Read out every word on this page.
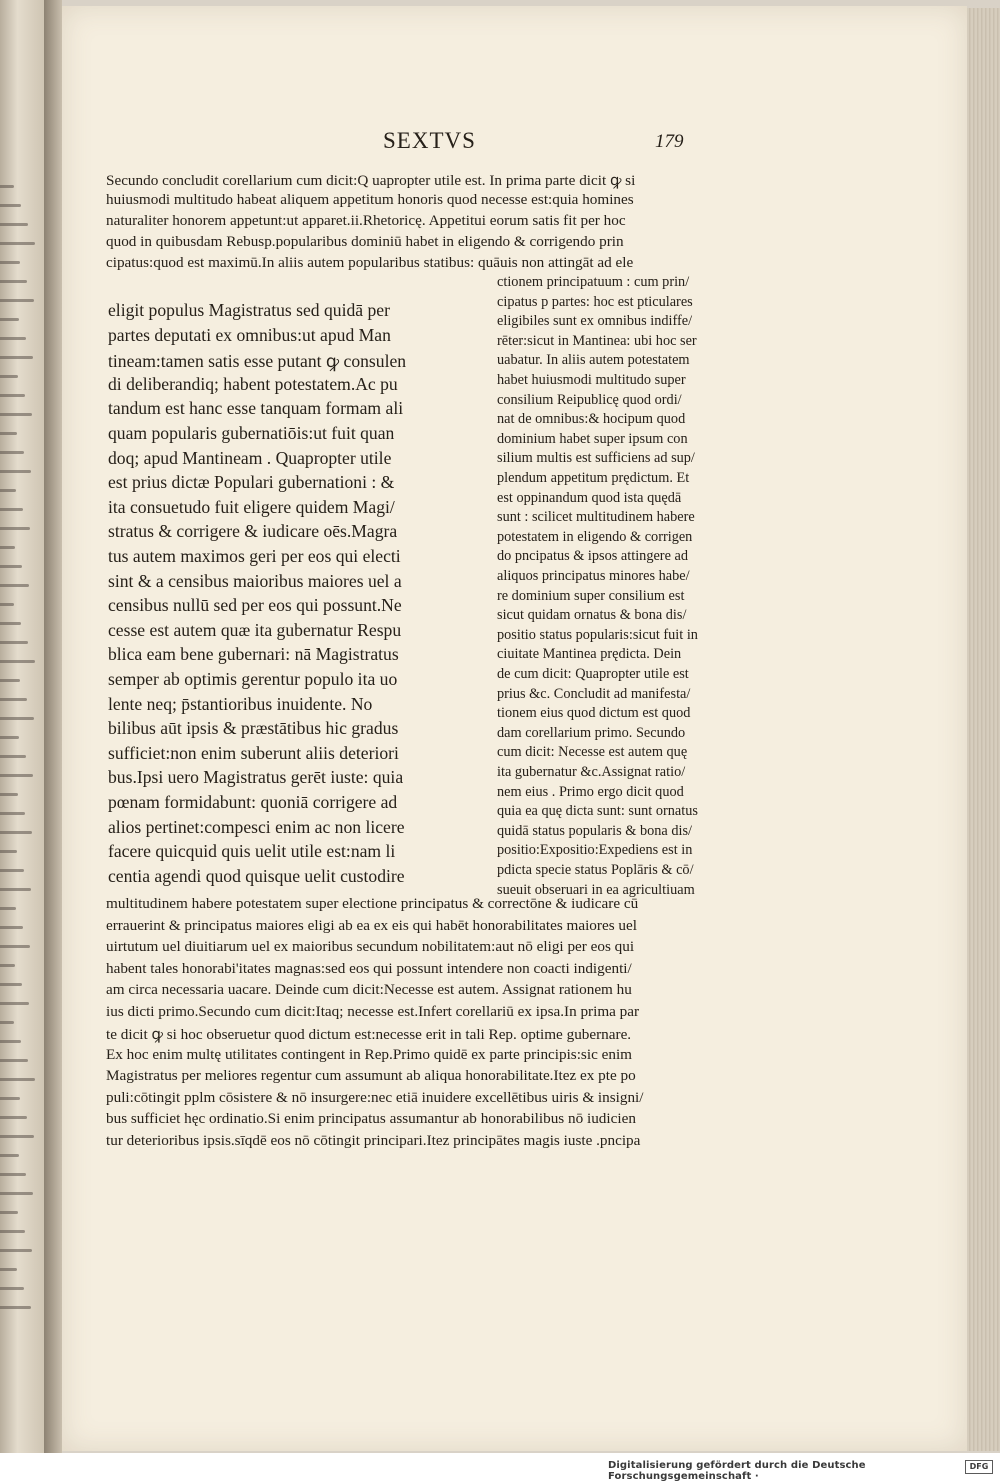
SEXTVS	179
Secundo concludit corellarium cum dicit:Q uapropter utile est. In prima parte dicit ꝙ si
huiusmodi multitudo habeat aliquem appetitum honoris quod necesse est:quia homines
naturaliter honorem appetunt:ut apparet.ii.Rhetoricę. Appetitui eorum satis fit per hoc
quod in quibusdam Rebusp.popularibus dominiū habet in eligendo & corrigendo prin
cipatus:quod est maximū.In aliis autem popularibus statibus: quāuis non attingāt ad ele
eligit populus Magistratus sed quidā per
partes deputati ex omnibus:ut apud Man
tineam:tamen satis esse putant ꝙ consulen
di deliberandiq; habent potestatem.Ac pu
tandum est hanc esse tanquam formam ali
quam popularis gubernatiōis:ut fuit quan
doq; apud Mantineam . Quapropter utile
est prius dictæ Populari gubernationi : &
ita consuetudo fuit eligere quidem Magi/
stratus & corrigere & iudicare oēs.Magra
tus autem maximos geri per eos qui electi
sint & a censibus maioribus maiores uel a
censibus nullū sed per eos qui possunt.Ne
cesse est autem quæ ita gubernatur Respu
blica eam bene gubernari: nā Magistratus
semper ab optimis gerentur populo ita uo
lente neq; p̄stantioribus inuidente. No
bilibus aūt ipsis & præstātibus hic gradus
sufficiet:non enim suberunt aliis deteriori
bus.Ipsi uero Magistratus gerēt iuste: quia
pœnam formidabunt: quoniā corrigere ad
alios pertinet:compesci enim ac non licere
facere quicquid quis uelit utile est:nam li
centia agendi quod quisque uelit custodire
ctionem principatuum : cum prin/
cipatus p partes: hoc est pticulares
eligibiles sunt ex omnibus indiffe/
rēter:sicut in Mantinea: ubi hoc ser
uabatur. In aliis autem potestatem
habet huiusmodi multitudo super
consilium Reipublicę quod ordi/
nat de omnibus:& hocipum quod
dominium habet super ipsum con
silium multis est sufficiens ad sup/
plendum appetitum prędictum. Et
est oppinandum quod ista quędā
sunt : scilicet multitudinem habere
potestatem in eligendo & corrigen
do pncipatus & ipsos attingere ad
aliquos principatus minores habe/
re dominium super consilium est
sicut quidam ornatus & bona dis/
positio status popularis:sicut fuit in
ciuitate Mantinea prędicta. Dein
de cum dicit: Quapropter utile est
prius &c. Concludit ad manifesta/
tionem eius quod dictum est quod
dam corellarium primo. Secundo
cum dicit: Necesse est autem quę
ita gubernatur &c.Assignat ratio/
nem eius . Primo ergo dicit quod
quia ea quę dicta sunt: sunt ornatus
quidā status popularis & bona dis/
positio:Expositio:Expediens est in
pdicta specie status Poplāris & cō/
sueuit obseruari in ea agricultiuam
multitudinem habere potestatem super electione principatus & correctōne & iudicare cū
errauerint & principatus maiores eligi ab ea ex eis qui habēt honorabilitates maiores uel
uirtutum uel diuitiarum uel ex maioribus secundum nobilitatem:aut nō eligi per eos qui
habent tales honorabi'itates magnas:sed eos qui possunt intendere non coacti indigenti/
am circa necessaria uacare. Deinde cum dicit:Necesse est autem. Assignat rationem hu
ius dicti primo.Secundo cum dicit:Itaq; necesse est.Infert corellariū ex ipsa.In prima par
te dicit ꝙ si hoc obseruetur quod dictum est:necesse erit in tali Rep. optime gubernare.
Ex hoc enim multę utilitates contingent in Rep.Primo quidē ex parte principis:sic enim
Magistratus per meliores regentur cum assumunt ab aliqua honorabilitate.Itez ex pte po
puli:cōtingit pplm cōsistere & nō insurgere:nec etiā inuidere excellētibus uiris & insigni/
bus sufficiet hęc ordinatio.Si enim principatus assumantur ab honorabilibus nō iudicien
tur deterioribus ipsis.sīqdē eos nō cōtingit principari.Itez principātes magis iuste .pncipa
Digitalisierung gefördert durch die Deutsche Forschungsgemeinschaft ·
DFG
